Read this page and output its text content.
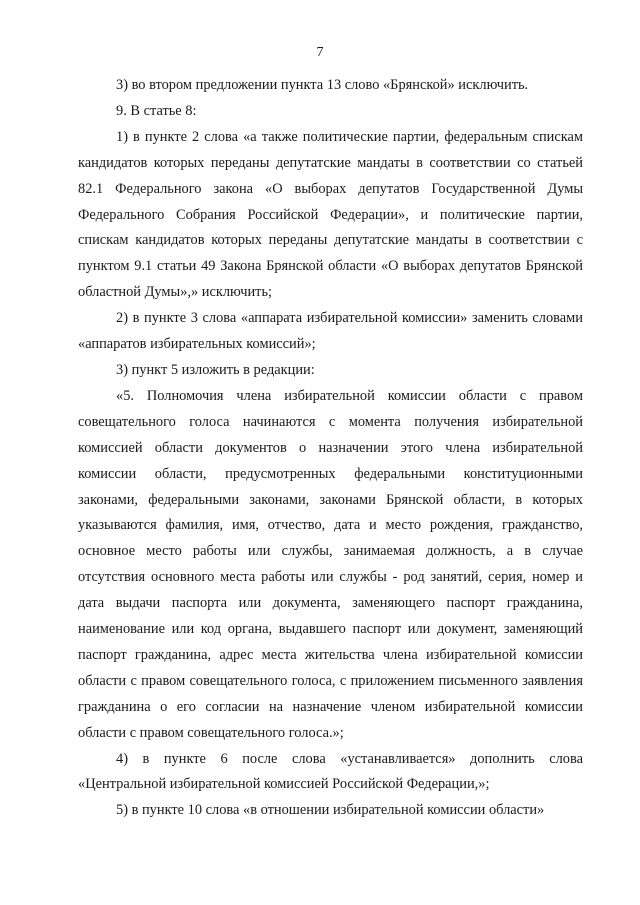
7

3) во втором предложении пункта 13 слово «Брянской» исключить.

9. В статье 8:

1) в пункте 2 слова «а также политические партии, федеральным спискам кандидатов которых переданы депутатские мандаты в соответствии со статьей 82.1 Федерального закона «О выборах депутатов Государственной Думы Федерального Собрания Российской Федерации», и политические партии, спискам кандидатов которых переданы депутатские мандаты в соответствии с пунктом 9.1 статьи 49 Закона Брянской области «О выборах депутатов Брянской областной Думы»,» исключить;

2) в пункте 3 слова «аппарата избирательной комиссии» заменить словами «аппаратов избирательных комиссий»;

3) пункт 5 изложить в редакции:

«5. Полномочия члена избирательной комиссии области с правом совещательного голоса начинаются с момента получения избирательной комиссией области документов о назначении этого члена избирательной комиссии области, предусмотренных федеральными конституционными законами, федеральными законами, законами Брянской области, в которых указываются фамилия, имя, отчество, дата и место рождения, гражданство, основное место работы или службы, занимаемая должность, а в случае отсутствия основного места работы или службы - род занятий, серия, номер и дата выдачи паспорта или документа, заменяющего паспорт гражданина, наименование или код органа, выдавшего паспорт или документ, заменяющий паспорт гражданина, адрес места жительства члена избирательной комиссии области с правом совещательного голоса, с приложением письменного заявления гражданина о его согласии на назначение членом избирательной комиссии области с правом совещательного голоса.»;

4) в пункте 6 после слова «устанавливается» дополнить слова «Центральной избирательной комиссией Российской Федерации,»;

5) в пункте 10 слова «в отношении избирательной комиссии области»
